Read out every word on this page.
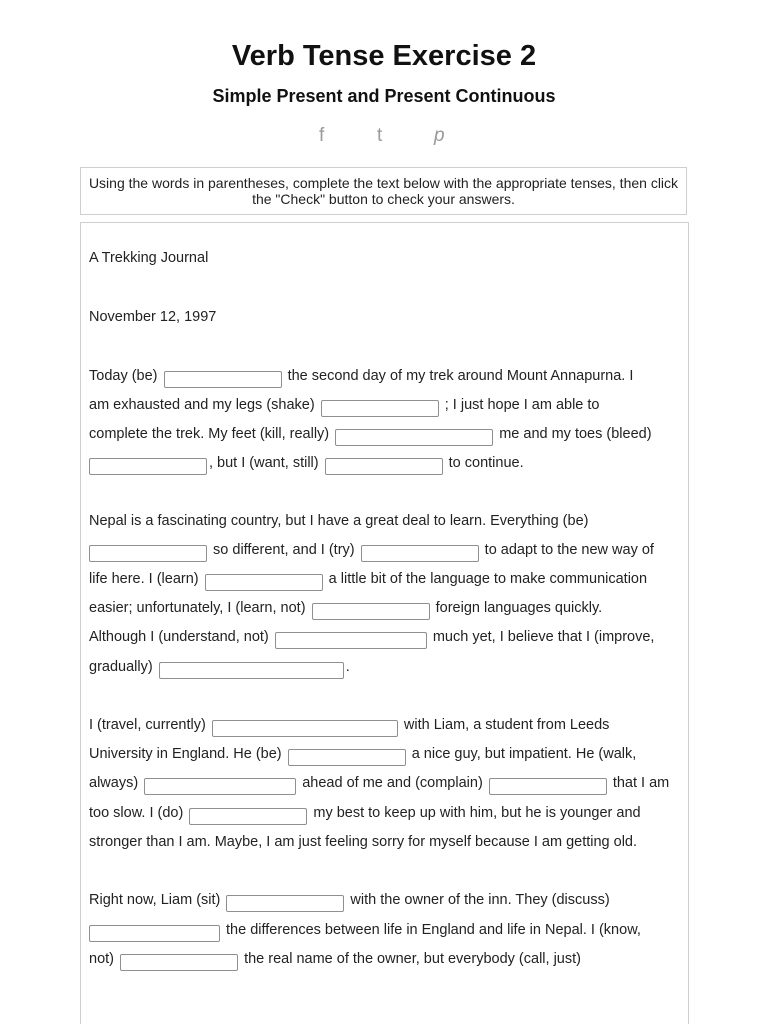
Verb Tense Exercise 2
Simple Present and Present Continuous
f	t	p
Using the words in parentheses, complete the text below with the appropriate tenses, then click the "Check" button to check your answers.
A Trekking Journal
November 12, 1997
Today (be)	the second day of my trek around Mount Annapurna. I
am exhausted and my legs (shake)	; I just hope I am able to
complete the trek. My feet (kill, really)	me and my toes (bleed)
, but I (want, still)	to continue.
Nepal is a fascinating country, but I have a great deal to learn. Everything (be)
so different, and I (try)	to adapt to the new way of
life here. I (learn)	a little bit of the language to make communication
easier; unfortunately, I (learn, not)	foreign languages quickly.
Although I (understand, not)	much yet, I believe that I (improve,
gradually)	.
I (travel, currently)	with Liam, a student from Leeds
University in England. He (be)	a nice guy, but impatient. He (walk,
always)	ahead of me and (complain)	that I am
too slow. I (do)	my best to keep up with him, but he is younger and
stronger than I am. Maybe, I am just feeling sorry for myself because I am getting old.
Right now, Liam (sit)	with the owner of the inn. They (discuss)
the differences between life in England and life in Nepal. I (know,
not)	the real name of the owner, but everybody (call, just)
